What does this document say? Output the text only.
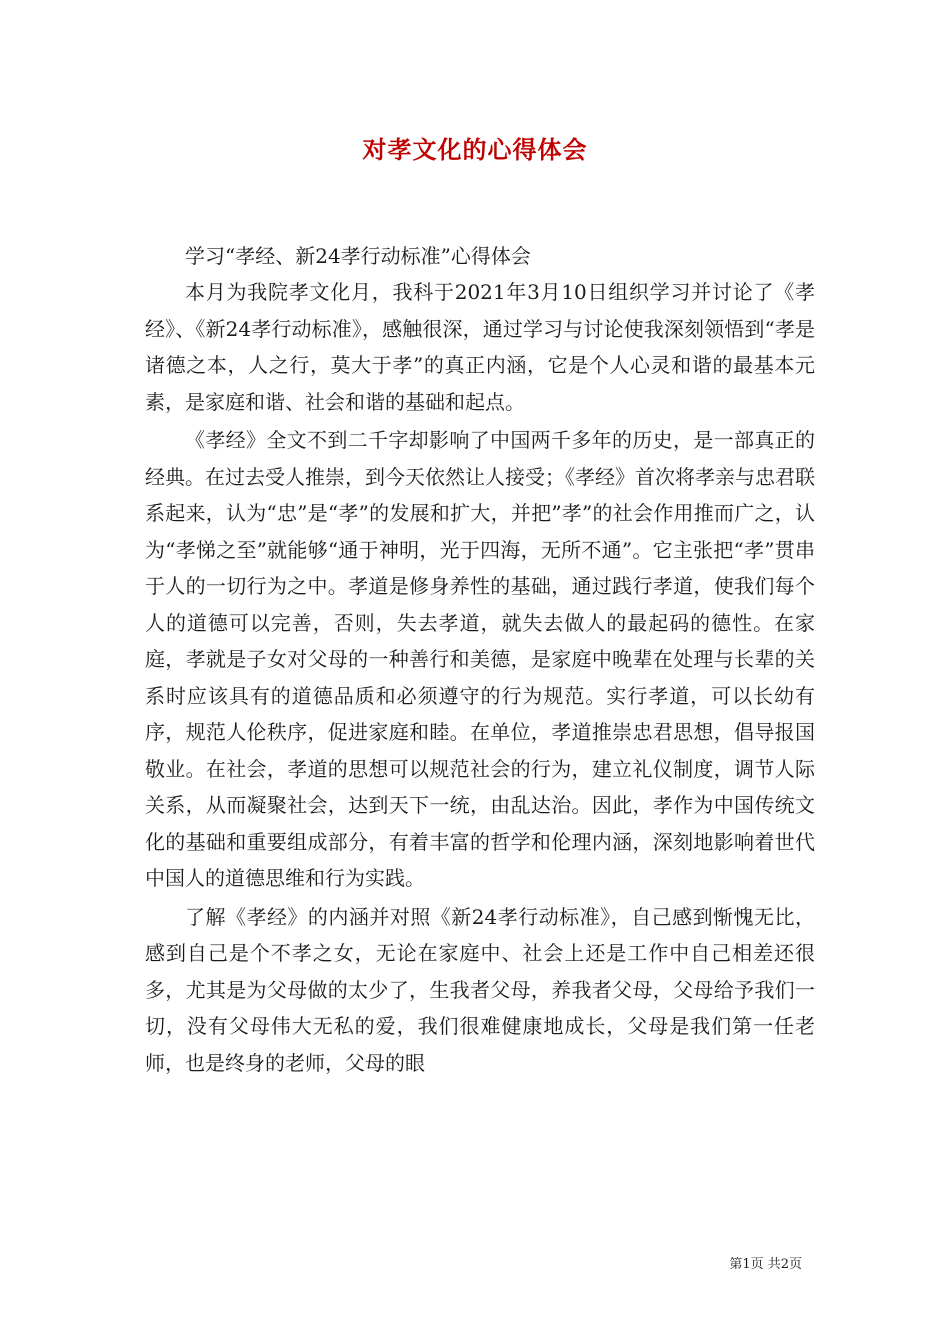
对孝文化的心得体会
学习“孝经、新24孝行动标准”心得体会

本月为我院孝文化月，我科于2021年3月10日组织学习并讨论了《孝经》、《新24孝行动标准》，感触很深，通过学习与讨论使我深刻领悟到“孝是诸德之本，人之行，莫大于孝”的真正内涵，它是个人心灵和谐的最基本元素，是家庭和谐、社会和谐的基础和起点。

《孝经》全文不到二千字却影响了中国两千多年的历史，是一部真正的经典。在过去受人推崇，到今天依然让人接受；《孝经》首次将孝亲与忠君联系起来，认为“忠”是“孝”的发展和扩大，并把”孝”的社会作用推而广之，认为“孝悌之至”就能够“通于神明，光于四海，无所不通”。它主张把“孝”贯串于人的一切行为之中。孝道是修身养性的基础，通过践行孝道，使我们每个人的道德可以完善，否则，失去孝道，就失去做人的最起码的德性。在家庭，孝就是子女对父母的一种善行和美德，是家庭中晚辈在处理与长辈的关系时应该具有的道德品质和必须遵守的行为规范。实行孝道，可以长幼有序，规范人伦秩序，促进家庭和睦。在单位，孝道推崇忠君思想，倡导报国敬业。在社会，孝道的思想可以规范社会的行为，建立礼仪制度，调节人际关系，从而凝聚社会，达到天下一统，由乱达治。因此，孝作为中国传统文化的基础和重要组成部分，有着丰富的哲学和伦理内涵，深刻地影响着世代中国人的道德思维和行为实践。

了解《孝经》的内涵并对照《新24孝行动标准》，自己感到惭愧无比，感到自己是个不孝之女，无论在家庭中、社会上还是工作中自己相差还很多，尤其是为父母做的太少了，生我者父母，养我者父母，父母给予我们一切，没有父母伟大无私的爱，我们很难健康地成长，父母是我们第一任老师，也是终身的老师，父母的眼

第1页 共2页
